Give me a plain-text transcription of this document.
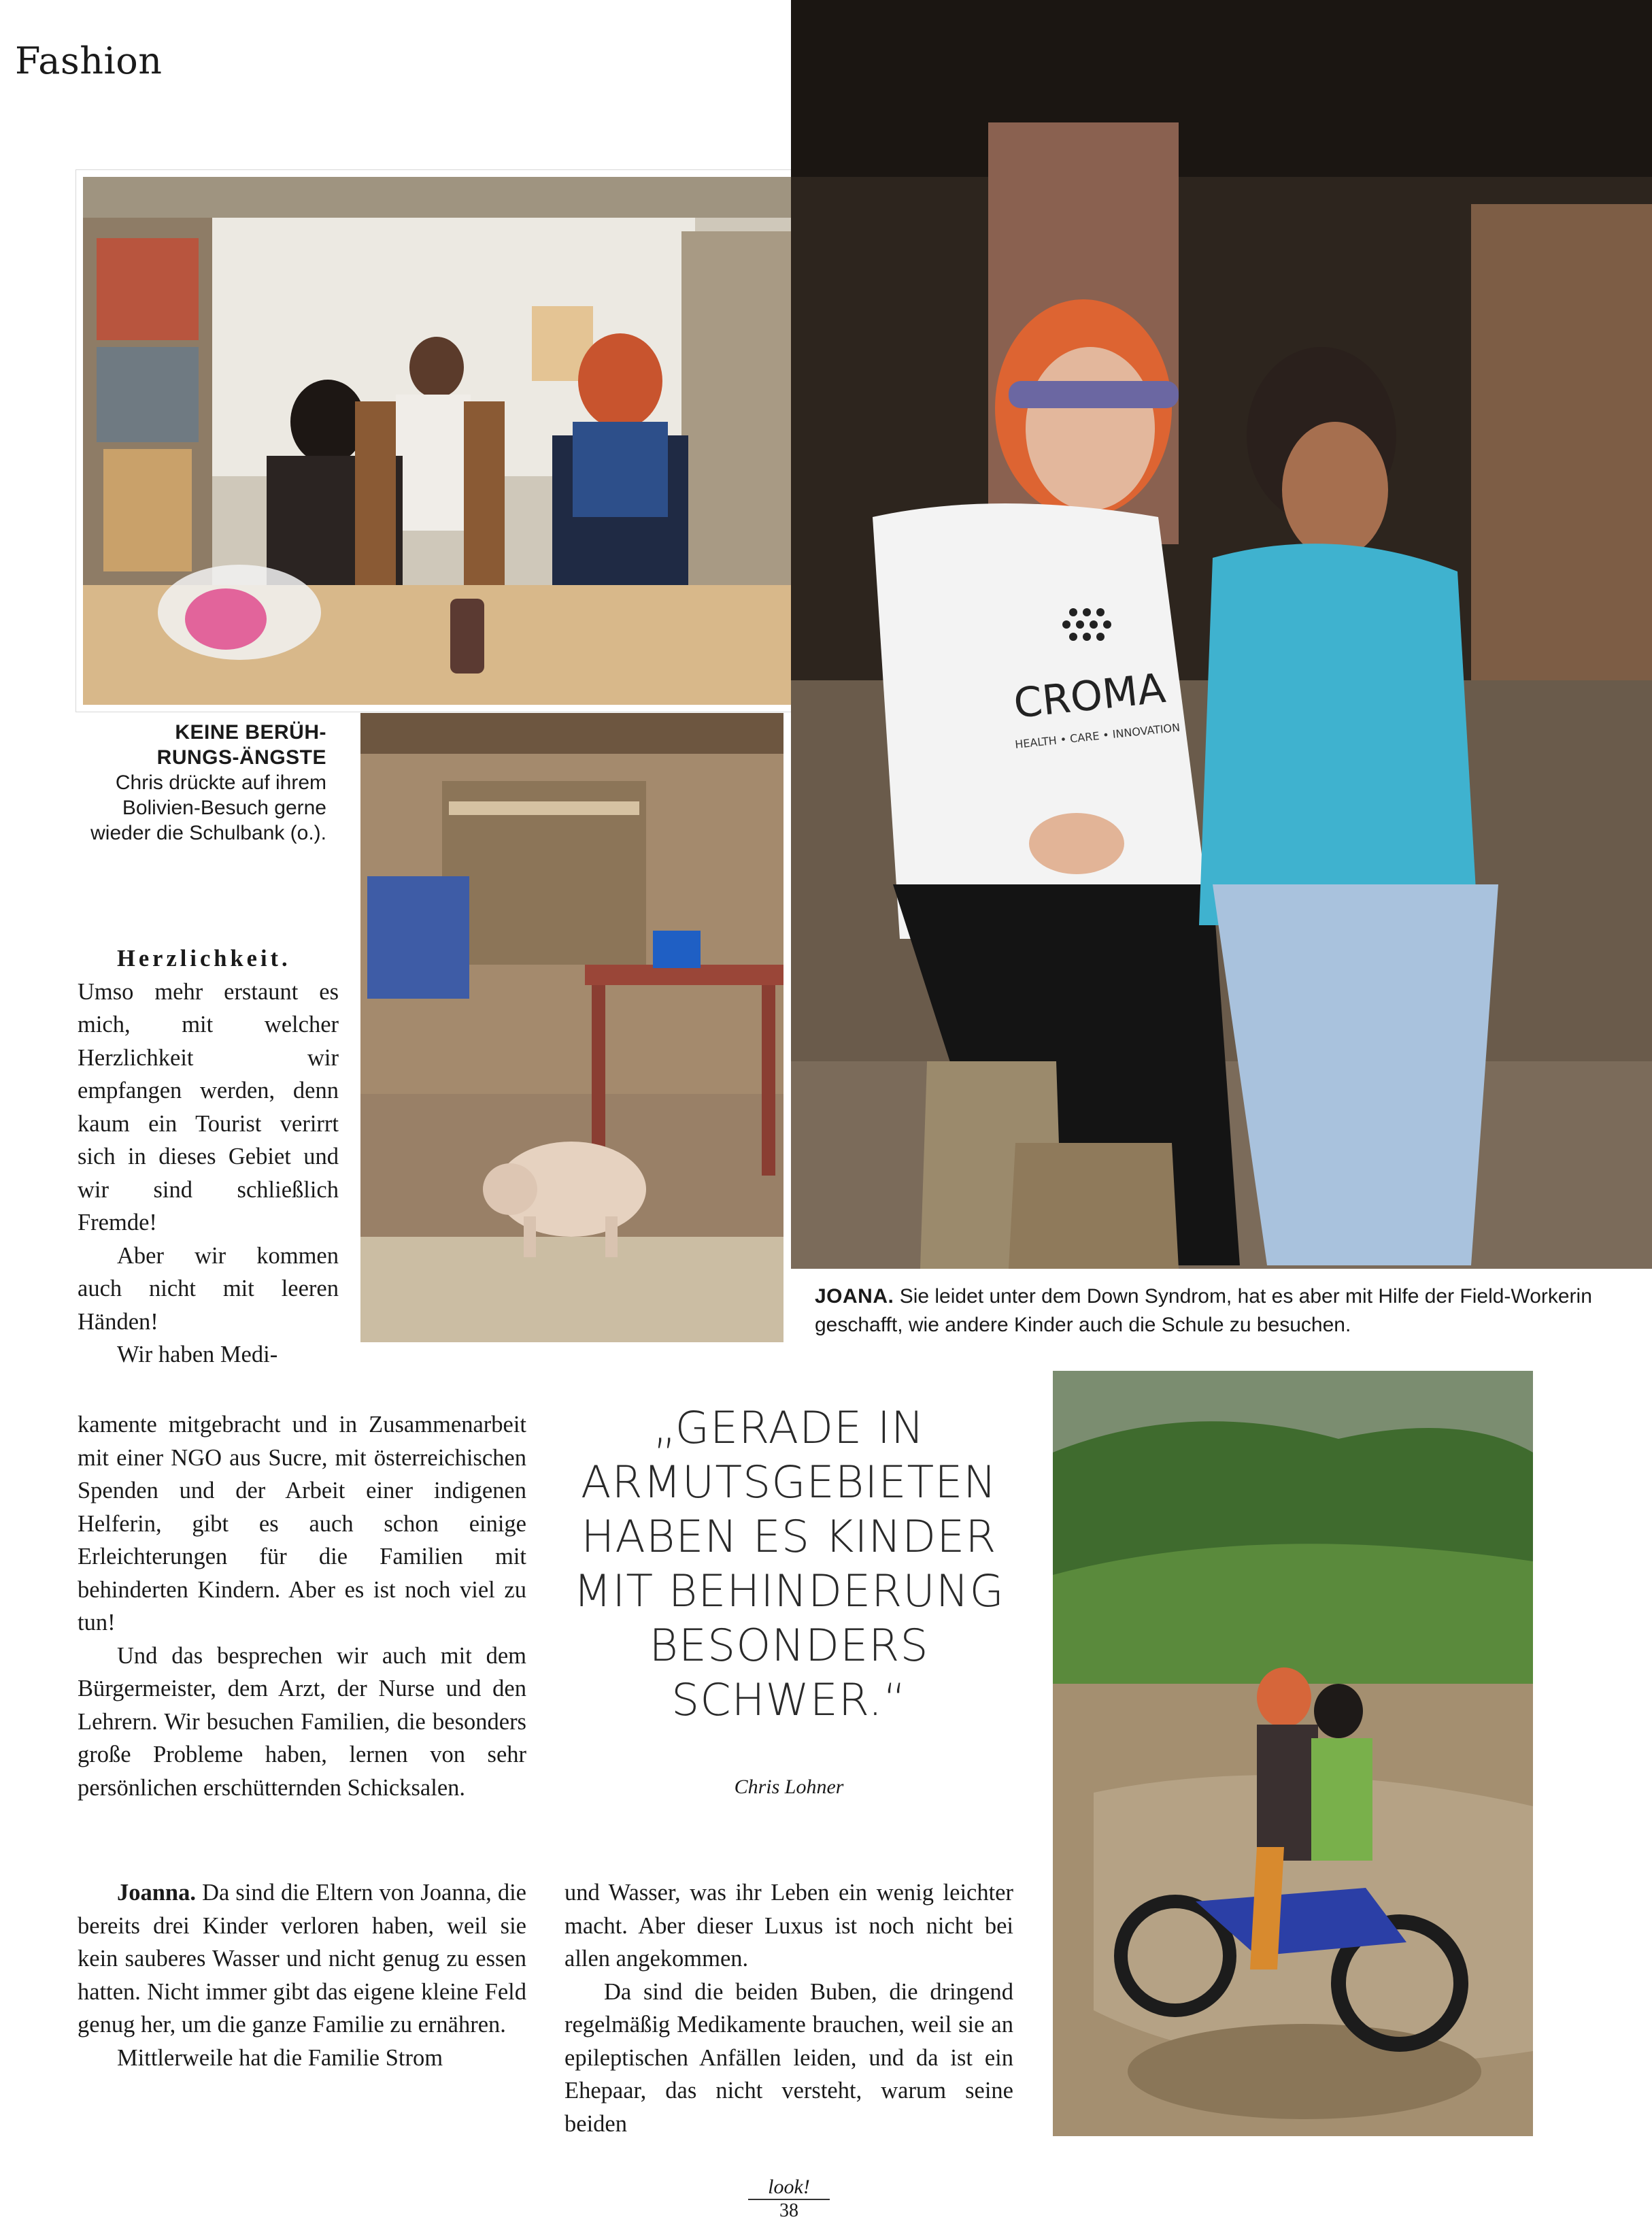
Fashion
KEINE BERÜH-
RUNGS-ÄNGSTE
Chris drückte auf ihrem
Bolivien-Besuch gerne
wieder die Schulbank (o.).
CROMA
HEALTH • CARE • INNOVATION
JOANA. Sie leidet unter dem Down Syndrom, hat es aber mit Hilfe der Field-Workerin geschafft, wie andere Kinder auch die Schule zu besuchen.

Herzlichkeit.
Umso mehr erstaunt es mich, mit welcher Herzlichkeit wir empfangen werden, denn kaum ein Tourist verirrt sich in dieses Gebiet und wir sind schließlich Fremde!

Aber wir kommen auch nicht mit leeren Händen!

Wir haben Medi-

kamente mitgebracht und in Zusammenarbeit mit einer NGO aus Sucre, mit österreichischen Spenden und der Arbeit einer indigenen Helferin, gibt es auch schon einige Erleichterungen für die Familien mit behinderten Kindern. Aber es ist noch viel zu tun!

Und das besprechen wir auch mit dem Bürgermeister, dem Arzt, der Nurse und den Lehrern. Wir besuchen Familien, die besonders große Probleme haben, lernen von sehr persönlichen erschütternden Schicksalen.

„GERADE IN ARMUTSGEBIETEN HABEN ES KINDER MIT BEHINDERUNG BESONDERS SCHWER.“
Chris Lohner

Joanna. Da sind die Eltern von Joanna, die bereits drei Kinder verloren haben, weil sie kein sauberes Wasser und nicht genug zu essen hatten. Nicht immer gibt das eigene kleine Feld genug her, um die ganze Familie zu ernähren.

Mittlerweile hat die Familie Strom

und Wasser, was ihr Leben ein wenig leichter macht. Aber dieser Luxus ist noch nicht bei allen angekommen.

Da sind die beiden Buben, die dringend regelmäßig Medikamente brauchen, weil sie an epileptischen Anfällen leiden, und da ist ein Ehepaar, das nicht versteht, warum seine beiden

look!
38
